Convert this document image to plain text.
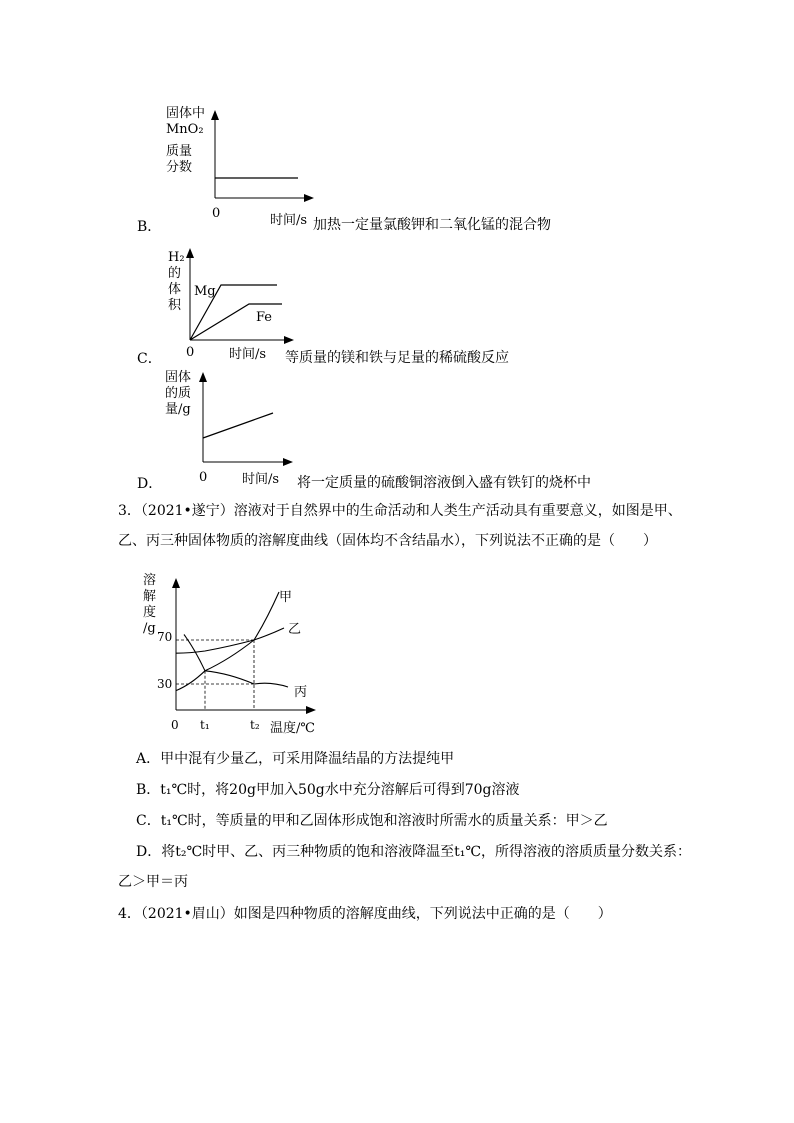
固体中
MnO₂
质量
分数
0	时间/s
B．	加热一定量氯酸钾和二氧化锰的混合物
H₂
的
体
积
Mg
Fe
0	时间/s
C．	等质量的镁和铁与足量的稀硫酸反应
固体
的质
量/g
0	时间/s
D．	将一定质量的硫酸铜溶液倒入盛有铁钉的烧杯中
3．（2021•遂宁）溶液对于自然界中的生命活动和人类生产活动具有重要意义，如图是甲、
乙、丙三种固体物质的溶解度曲线（固体均不含结晶水），下列说法不正确的是（　　）
溶
解
度
/g
70
30
0 t₁	t₂ 温度/℃
甲
乙
丙
A．甲中混有少量乙，可采用降温结晶的方法提纯甲
B．t₁℃时，将20g甲加入50g水中充分溶解后可得到70g溶液
C．t₁℃时，等质量的甲和乙固体形成饱和溶液时所需水的质量关系：甲＞乙
D．将t₂℃时甲、乙、丙三种物质的饱和溶液降温至t₁℃，所得溶液的溶质质量分数关系：
乙＞甲＝丙
4．（2021•眉山）如图是四种物质的溶解度曲线，下列说法中正确的是（　　）
